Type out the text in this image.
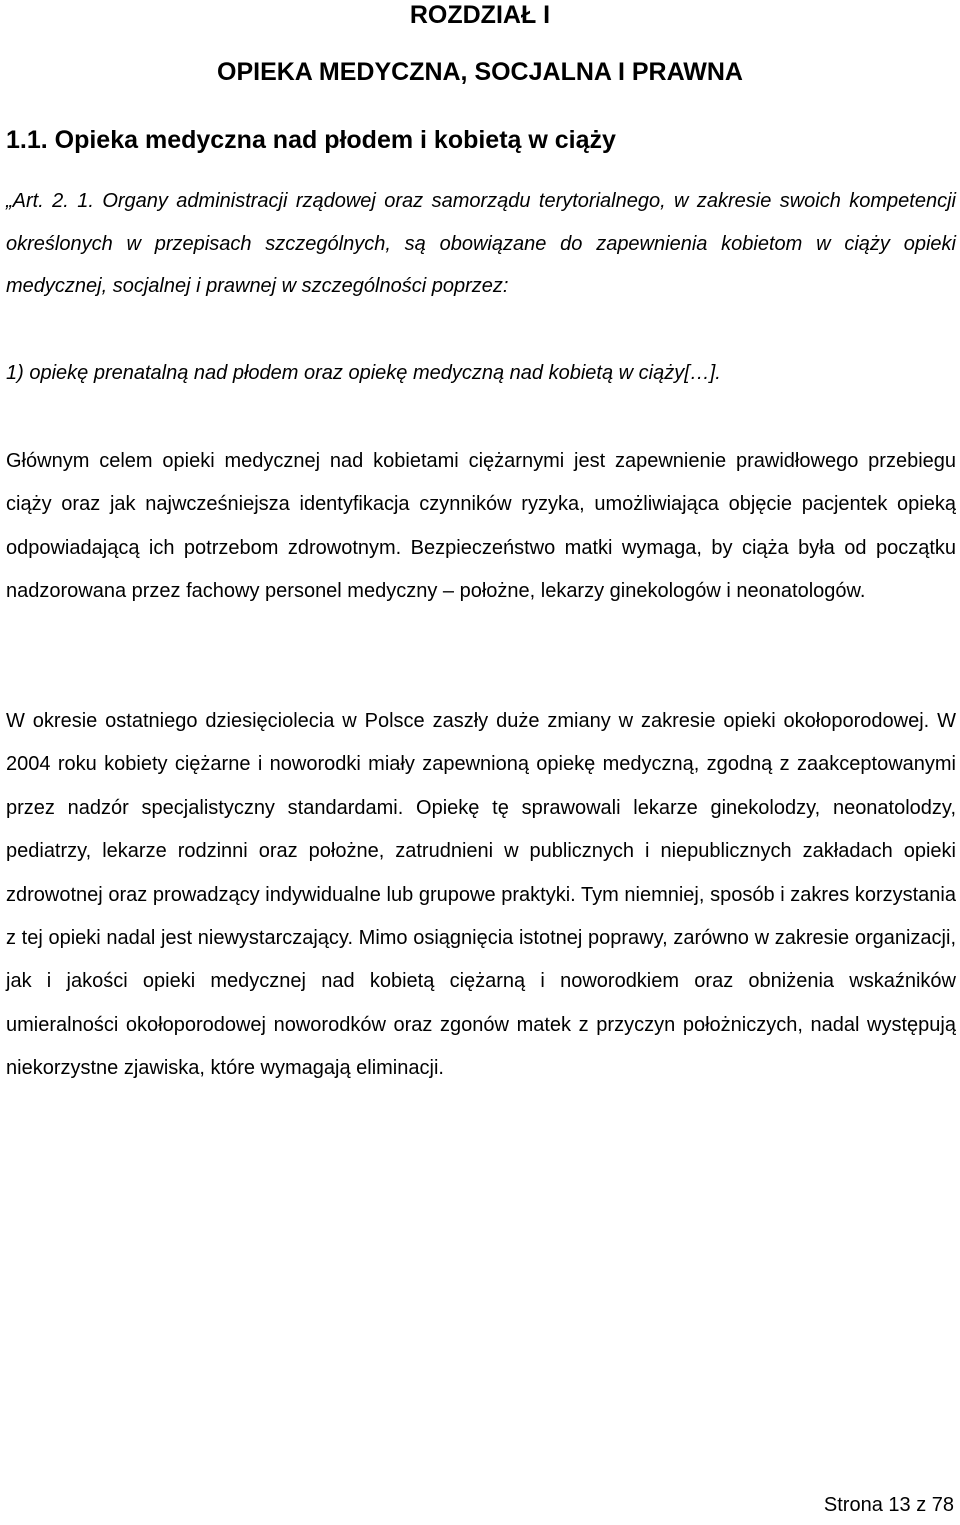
ROZDZIAŁ I
OPIEKA MEDYCZNA, SOCJALNA I PRAWNA
1.1. Opieka medyczna nad płodem i kobietą w ciąży

„Art. 2. 1. Organy administracji rządowej oraz samorządu terytorialnego, w zakresie swoich kompetencji określonych w przepisach szczególnych, są obowiązane do zapewnienia kobietom w ciąży opieki medycznej, socjalnej i prawnej w szczególności poprzez:

1) opiekę prenatalną nad płodem oraz opiekę medyczną nad kobietą w ciąży[…].

Głównym celem opieki medycznej nad kobietami ciężarnymi jest zapewnienie prawidłowego przebiegu ciąży oraz jak najwcześniejsza identyfikacja czynników ryzyka, umożliwiająca objęcie pacjentek opieką odpowiadającą ich potrzebom zdrowotnym. Bezpieczeństwo matki wymaga, by ciąża była od początku nadzorowana przez fachowy personel medyczny – położne, lekarzy ginekologów i neonatologów.

W okresie ostatniego dziesięciolecia w Polsce zaszły duże zmiany w zakresie opieki okołoporodowej. W 2004 roku kobiety ciężarne i noworodki miały zapewnioną opiekę medyczną, zgodną z zaakceptowanymi przez nadzór specjalistyczny standardami. Opiekę tę sprawowali lekarze ginekolodzy, neonatolodzy, pediatrzy, lekarze rodzinni oraz położne, zatrudnieni w publicznych i niepublicznych zakładach opieki zdrowotnej oraz prowadzący indywidualne lub grupowe praktyki. Tym niemniej, sposób i zakres korzystania z tej opieki nadal jest niewystarczający. Mimo osiągnięcia istotnej poprawy, zarówno w zakresie organizacji, jak i jakości opieki medycznej nad kobietą ciężarną i noworodkiem oraz obniżenia wskaźników umieralności okołoporodowej noworodków oraz zgonów matek z przyczyn położniczych, nadal występują niekorzystne zjawiska, które wymagają eliminacji.

Strona 13 z 78
